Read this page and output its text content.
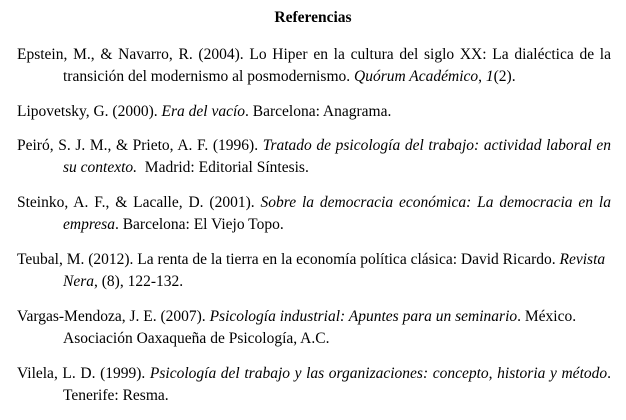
Referencias

Epstein, M., & Navarro, R. (2004). Lo Hiper en la cultura del siglo XX: La dialéctica de la transición del modernismo al posmodernismo. Quórum Académico, 1(2).

Lipovetsky, G. (2000). Era del vacío. Barcelona: Anagrama.

Peiró, S. J. M., & Prieto, A. F. (1996). Tratado de psicología del trabajo: actividad laboral en su contexto.  Madrid: Editorial Síntesis.

Steinko, A. F., & Lacalle, D. (2001). Sobre la democracia económica: La democracia en la empresa. Barcelona: El Viejo Topo.

Teubal, M. (2012). La renta de la tierra en la economía política clásica: David Ricardo. Revista Nera, (8), 122-132.

Vargas-Mendoza, J. E. (2007). Psicología industrial: Apuntes para un seminario. México. Asociación Oaxaqueña de Psicología, A.C.

Vilela, L. D. (1999). Psicología del trabajo y las organizaciones: concepto, historia y método. Tenerife: Resma.
